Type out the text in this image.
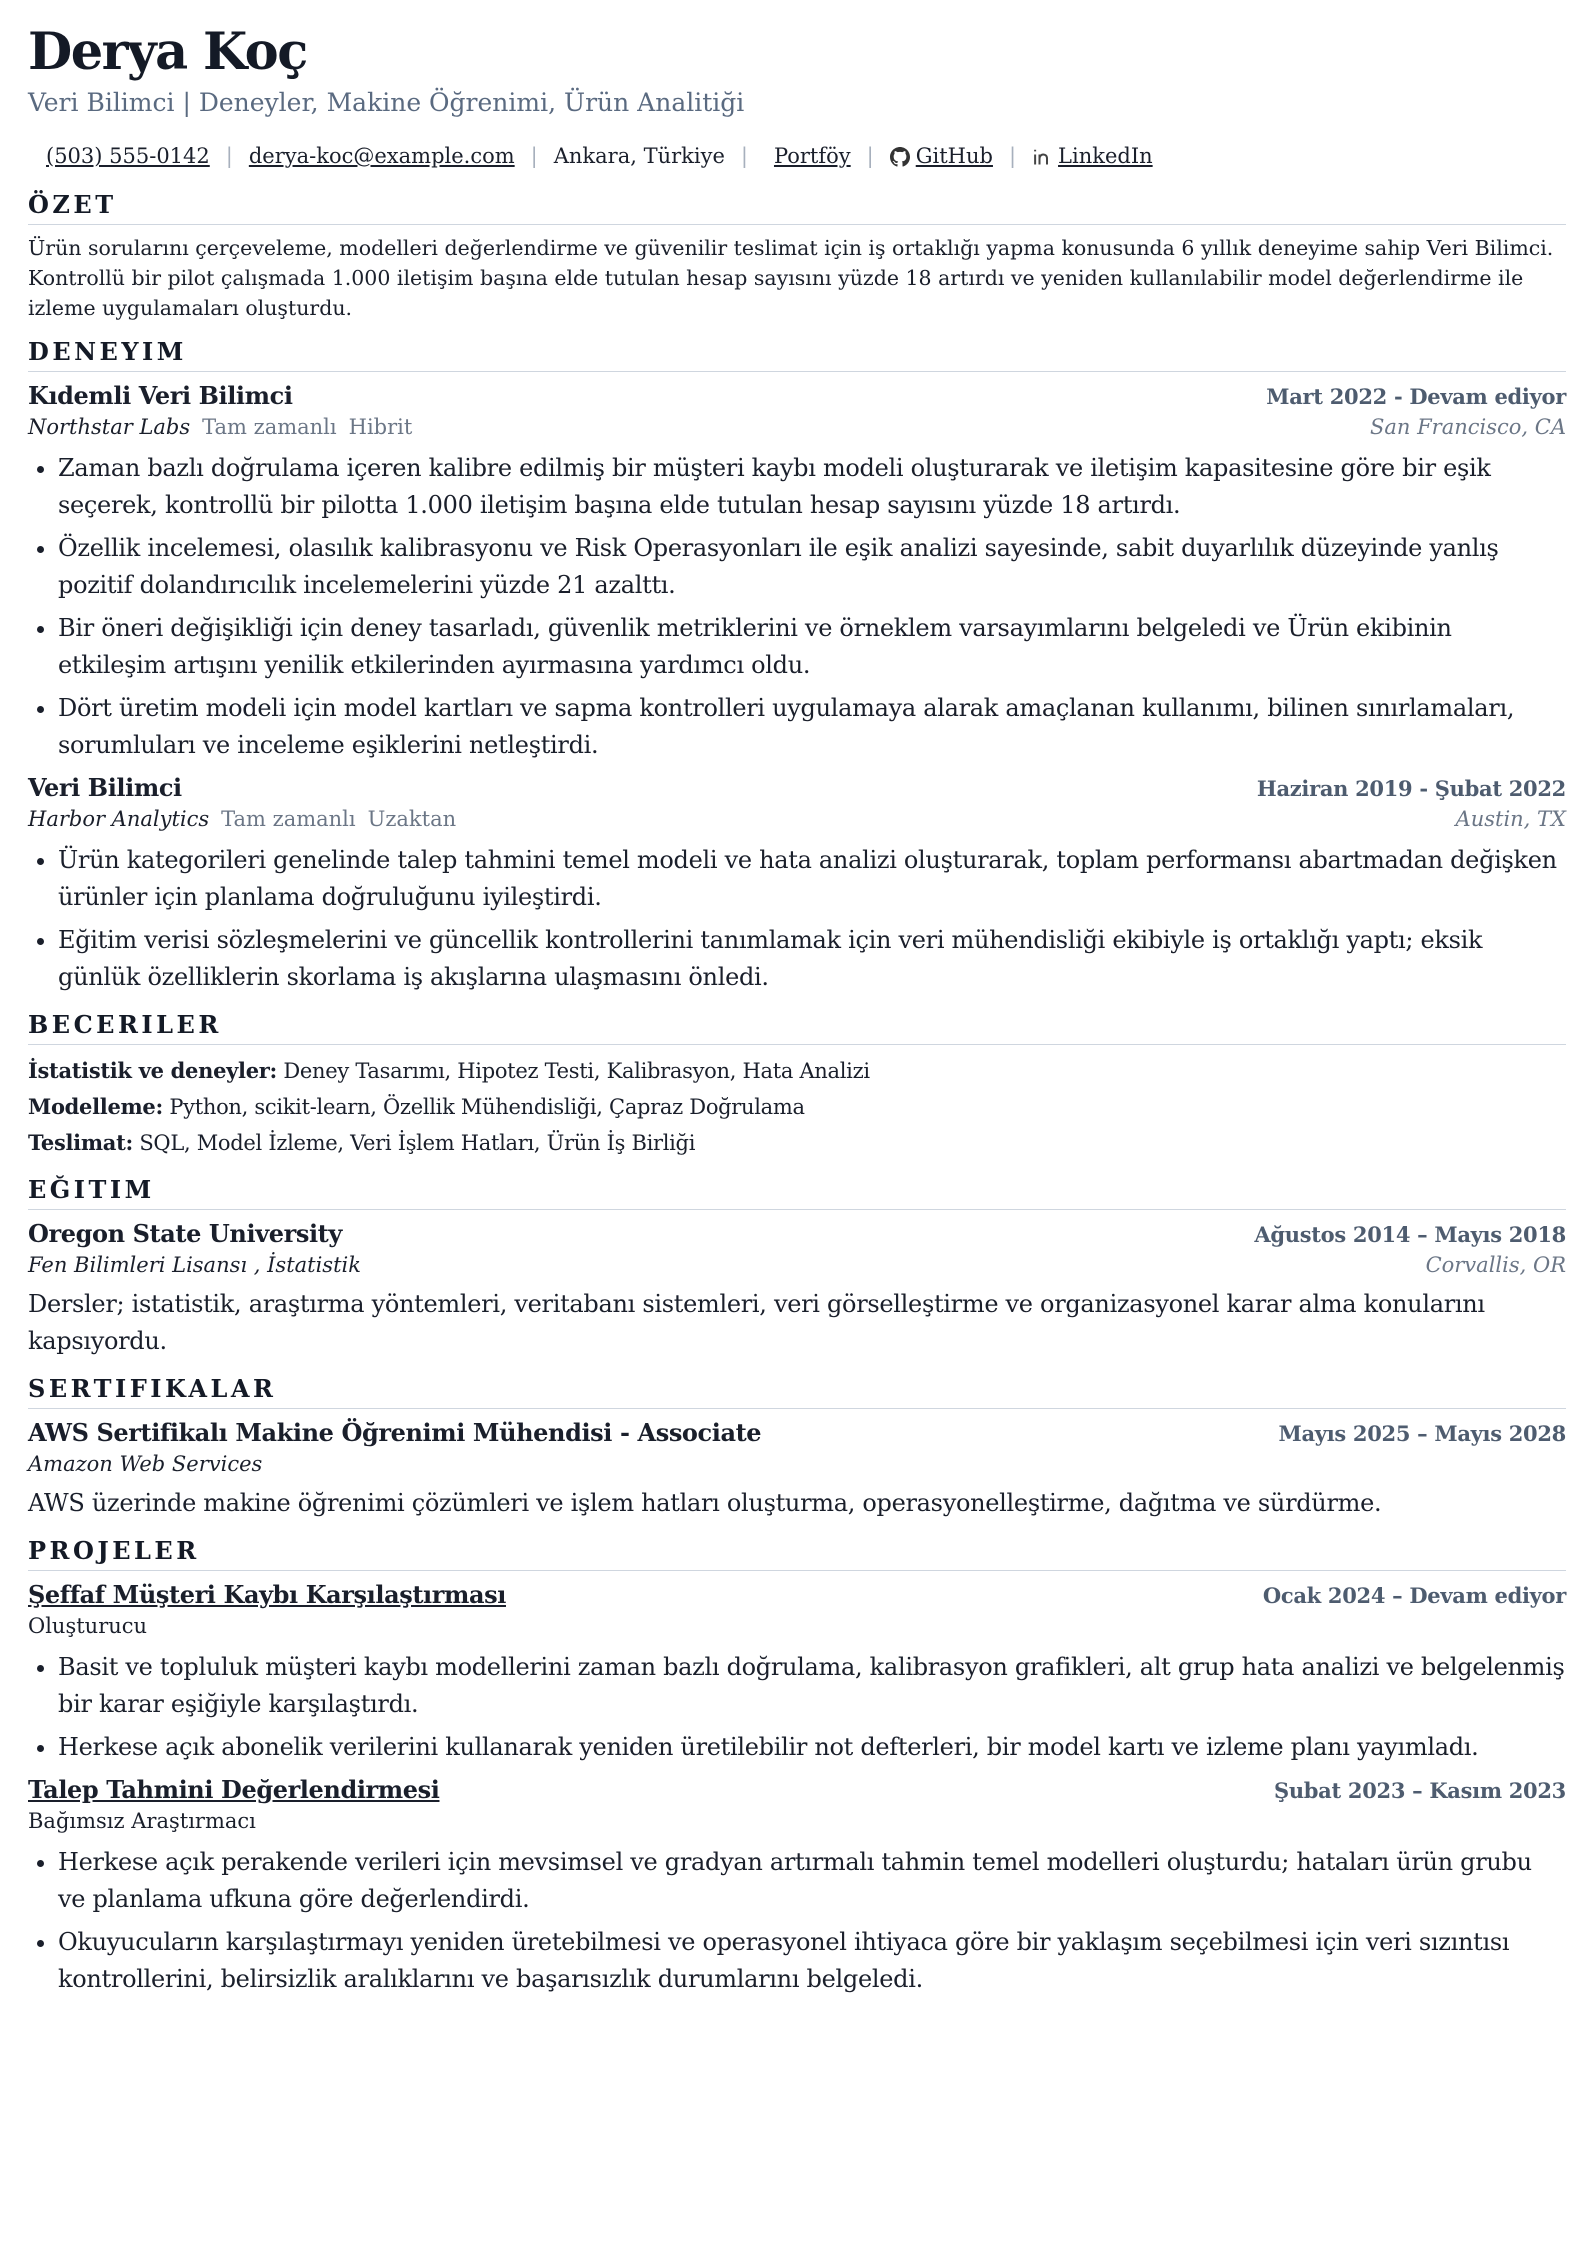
Derya Koç
Veri Bilimci | Deneyler, Makine Öğrenimi, Ürün Analitiği
(503) 555-0142 | derya-koc@example.com | Ankara, Türkiye | Portföy | GitHub | LinkedIn
ÖZET

Ürün sorularını çerçeveleme, modelleri değerlendirme ve güvenilir teslimat için iş ortaklığı yapma konusunda 6 yıllık deneyime sahip Veri Bilimci. Kontrollü bir pilot çalışmada 1.000 iletişim başına elde tutulan hesap sayısını yüzde 18 artırdı ve yeniden kullanılabilir model değerlendirme ile izleme uygulamaları oluşturdu.

DENEYIM
Kıdemli Veri Bilimci	Mart 2022 - Devam ediyor
Northstar Labs Tam zamanlı Hibrit	San Francisco, CA
• Zaman bazlı doğrulama içeren kalibre edilmiş bir müşteri kaybı modeli oluşturarak ve iletişim kapasitesine göre bir eşik seçerek, kontrollü bir pilotta 1.000 iletişim başına elde tutulan hesap sayısını yüzde 18 artırdı.
• Özellik incelemesi, olasılık kalibrasyonu ve Risk Operasyonları ile eşik analizi sayesinde, sabit duyarlılık düzeyinde yanlış pozitif dolandırıcılık incelemelerini yüzde 21 azalttı.
• Bir öneri değişikliği için deney tasarladı, güvenlik metriklerini ve örneklem varsayımlarını belgeledi ve Ürün ekibinin etkileşim artışını yenilik etkilerinden ayırmasına yardımcı oldu.
• Dört üretim modeli için model kartları ve sapma kontrolleri uygulamaya alarak amaçlanan kullanımı, bilinen sınırlamaları, sorumluları ve inceleme eşiklerini netleştirdi.
Veri Bilimci	Haziran 2019 - Şubat 2022
Harbor Analytics Tam zamanlı Uzaktan	Austin, TX
• Ürün kategorileri genelinde talep tahmini temel modeli ve hata analizi oluşturarak, toplam performansı abartmadan değişken ürünler için planlama doğruluğunu iyileştirdi.
• Eğitim verisi sözleşmelerini ve güncellik kontrollerini tanımlamak için veri mühendisliği ekibiyle iş ortaklığı yaptı; eksik günlük özelliklerin skorlama iş akışlarına ulaşmasını önledi.
BECERILER
İstatistik ve deneyler: Deney Tasarımı, Hipotez Testi, Kalibrasyon, Hata Analizi
Modelleme: Python, scikit-learn, Özellik Mühendisliği, Çapraz Doğrulama
Teslimat: SQL, Model İzleme, Veri İşlem Hatları, Ürün İş Birliği
EĞITIM
Oregon State University	Ağustos 2014 – Mayıs 2018
Fen Bilimleri Lisansı , İstatistik	Corvallis, OR

Dersler; istatistik, araştırma yöntemleri, veritabanı sistemleri, veri görselleştirme ve organizasyonel karar alma konularını kapsıyordu.

SERTIFIKALAR
AWS Sertifikalı Makine Öğrenimi Mühendisi - Associate	Mayıs 2025 – Mayıs 2028
Amazon Web Services

AWS üzerinde makine öğrenimi çözümleri ve işlem hatları oluşturma, operasyonelleştirme, dağıtma ve sürdürme.

PROJELER
Şeffaf Müşteri Kaybı Karşılaştırması	Ocak 2024 – Devam ediyor
Oluşturucu
• Basit ve topluluk müşteri kaybı modellerini zaman bazlı doğrulama, kalibrasyon grafikleri, alt grup hata analizi ve belgelenmiş bir karar eşiğiyle karşılaştırdı.
• Herkese açık abonelik verilerini kullanarak yeniden üretilebilir not defterleri, bir model kartı ve izleme planı yayımladı.
Talep Tahmini Değerlendirmesi	Şubat 2023 – Kasım 2023
Bağımsız Araştırmacı
• Herkese açık perakende verileri için mevsimsel ve gradyan artırmalı tahmin temel modelleri oluşturdu; hataları ürün grubu ve planlama ufkuna göre değerlendirdi.
• Okuyucuların karşılaştırmayı yeniden üretebilmesi ve operasyonel ihtiyaca göre bir yaklaşım seçebilmesi için veri sızıntısı kontrollerini, belirsizlik aralıklarını ve başarısızlık durumlarını belgeledi.
